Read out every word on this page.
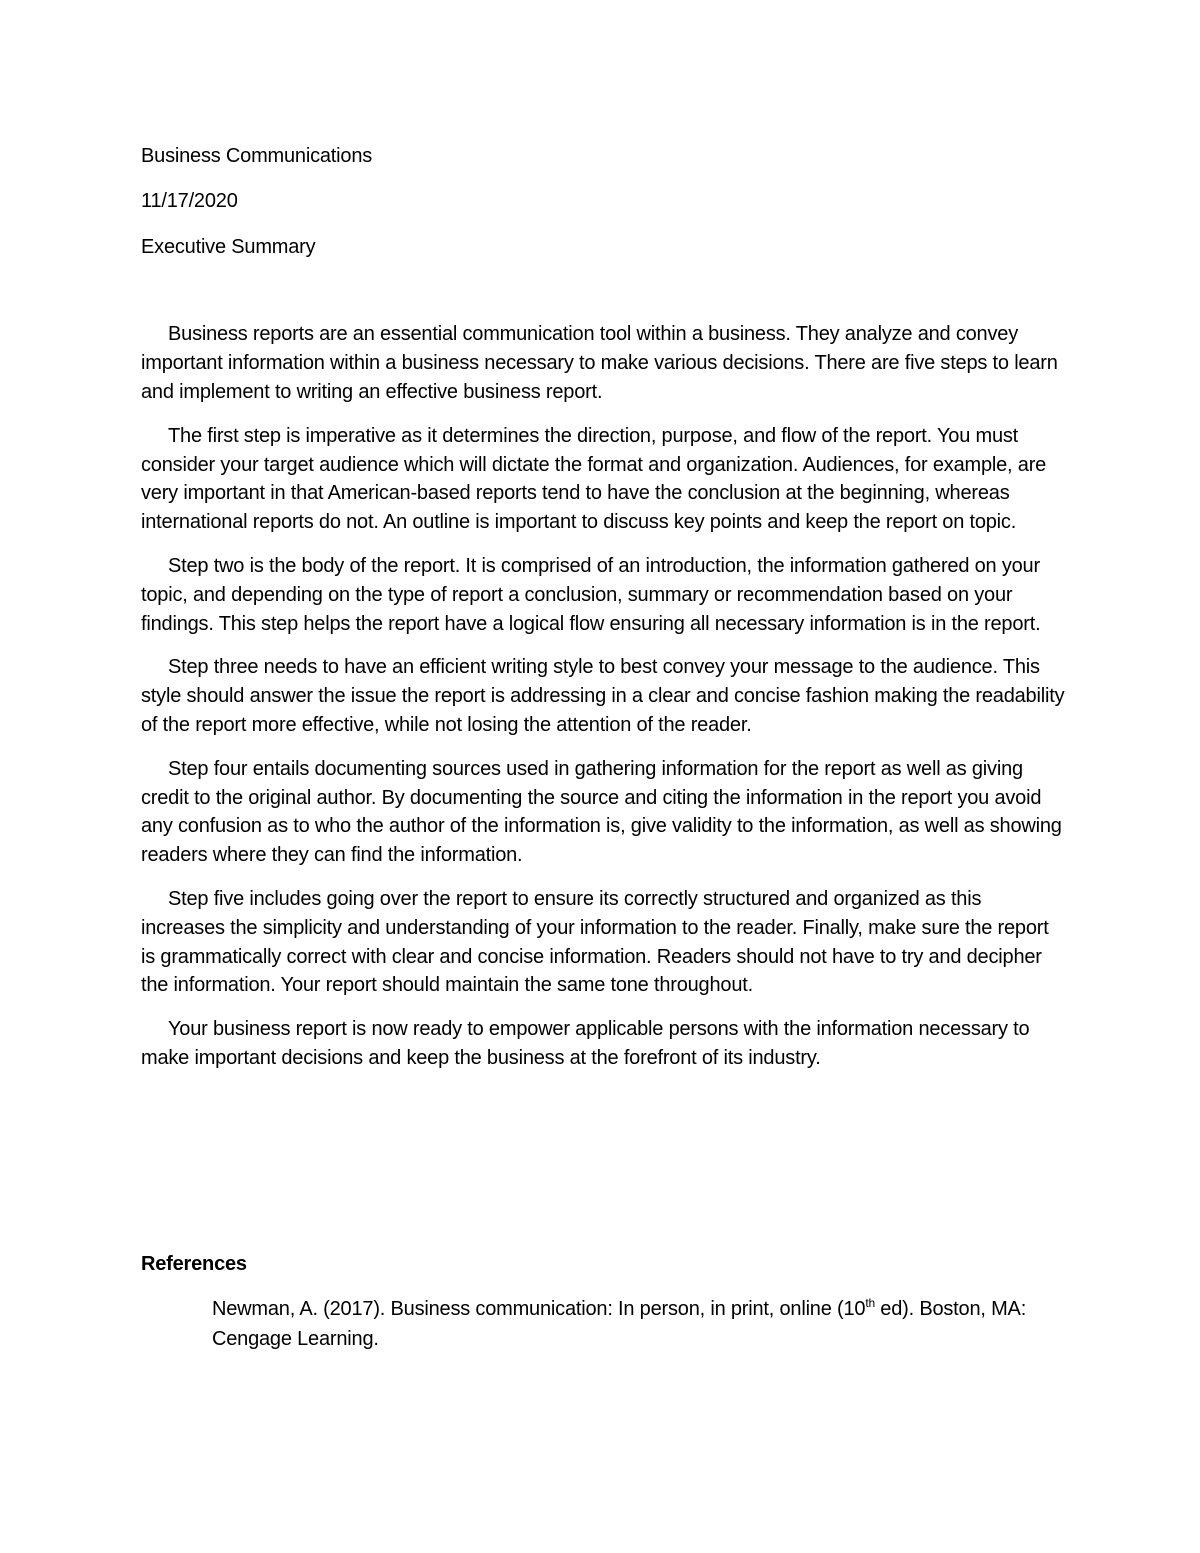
Business Communications
11/17/2020
Executive Summary

Business reports are an essential communication tool within a business. They analyze and convey important information within a business necessary to make various decisions. There are five steps to learn and implement to writing an effective business report.

The first step is imperative as it determines the direction, purpose, and flow of the report. You must consider your target audience which will dictate the format and organization. Audiences, for example, are very important in that American-based reports tend to have the conclusion at the beginning, whereas international reports do not. An outline is important to discuss key points and keep the report on topic.

Step two is the body of the report. It is comprised of an introduction, the information gathered on your topic, and depending on the type of report a conclusion, summary or recommendation based on your findings. This step helps the report have a logical flow ensuring all necessary information is in the report.

Step three needs to have an efficient writing style to best convey your message to the audience. This style should answer the issue the report is addressing in a clear and concise fashion making the readability of the report more effective, while not losing the attention of the reader.

Step four entails documenting sources used in gathering information for the report as well as giving credit to the original author. By documenting the source and citing the information in the report you avoid any confusion as to who the author of the information is, give validity to the information, as well as showing readers where they can find the information.

Step five includes going over the report to ensure its correctly structured and organized as this increases the simplicity and understanding of your information to the reader. Finally, make sure the report is grammatically correct with clear and concise information. Readers should not have to try and decipher the information. Your report should maintain the same tone throughout.

Your business report is now ready to empower applicable persons with the information necessary to make important decisions and keep the business at the forefront of its industry.

References
Newman, A. (2017). Business communication: In person, in print, online (10th ed). Boston, MA: Cengage Learning.
